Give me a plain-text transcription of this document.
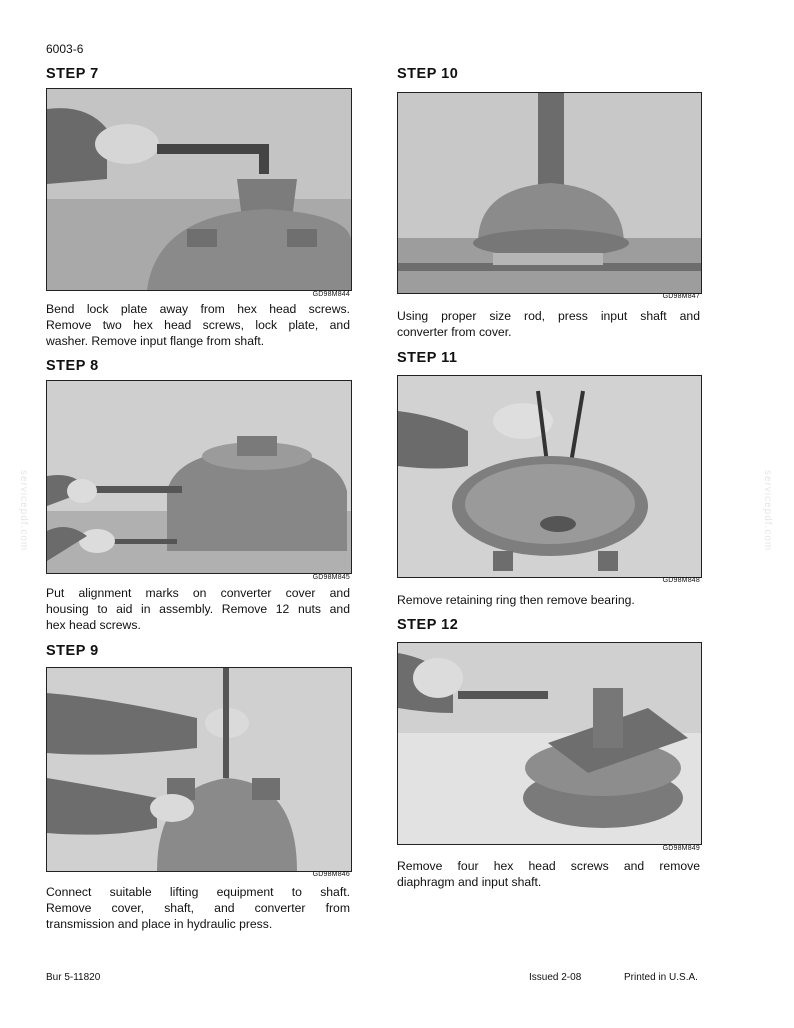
6003-6
STEP 7
GD98M844
Bend lock plate away from hex head screws.
Remove two hex head screws, lock plate, and
washer. Remove input flange from shaft.
STEP 8
GD98M845
Put alignment marks on converter cover and
housing to aid in assembly. Remove 12 nuts and
hex head screws.
STEP 9
GD98M846
Connect suitable lifting equipment to shaft.
Remove cover, shaft, and converter from
transmission and place in hydraulic press.
STEP 10
GD98M847
Using proper size rod, press input shaft and
converter from cover.
STEP 11
GD98M848
Remove retaining ring then remove bearing.
STEP 12
GD98M849
Remove four hex head screws and remove
diaphragm and input shaft.
servicepdf.com	servicepdf.com
Bur 5-11820	Issued 2-08	Printed in U.S.A.
